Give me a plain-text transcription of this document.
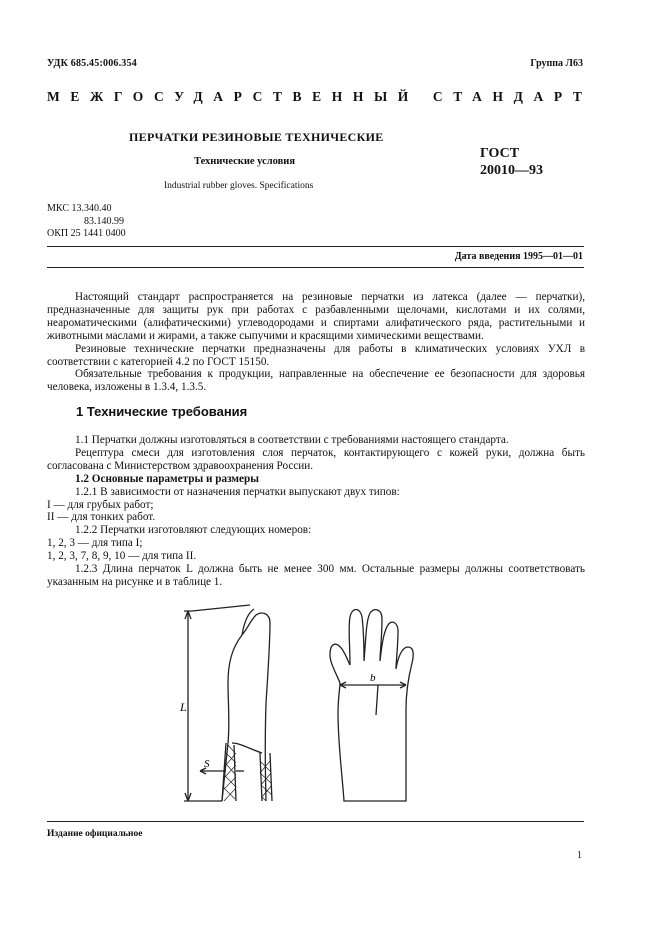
УДК 685.45:006.354	Группа Л63
МЕЖГОСУДАРСТВЕННЫЙ СТАНДАРТ
ПЕРЧАТКИ РЕЗИНОВЫЕ ТЕХНИЧЕСКИЕ
Технические условия
Industrial rubber gloves. Specifications
ГОСТ
20010—93
МКС 13.340.40
83.140.99
ОКП 25 1441 0400
Дата введения 1995—01—01

Настоящий стандарт распространяется на резиновые перчатки из латекса (далее — перчатки), предназначенные для защиты рук при работах с разбавленными щелочами, кислотами и их солями, неароматическими (алифатическими) углеводородами и спиртами алифатического ряда, растительными и животными маслами и жирами, а также сыпучими и красящими химическими веществами.

Резиновые технические перчатки предназначены для работы в климатических условиях УХЛ в соответствии с категорией 4.2 по ГОСТ 15150.

Обязательные требования к продукции, направленные на обеспечение ее безопасности для здоровья человека, изложены в 1.3.4, 1.3.5.

1 Технические требования

1.1 Перчатки должны изготовляться в соответствии с требованиями настоящего стандарта.

Рецептура смеси для изготовления слоя перчаток, контактирующего с кожей руки, должна быть согласована с Министерством здравоохранения России.

1.2 Основные параметры и размеры

1.2.1 В зависимости от назначения перчатки выпускают двух типов:

I — для грубых работ;

II — для тонких работ.

1.2.2 Перчатки изготовляют следующих номеров:

1, 2, 3 — для типа I;

1, 2, 3, 7, 8, 9, 10 — для типа II.

1.2.3 Длина перчаток L должна быть не менее 300 мм. Остальные размеры должны соответствовать указанным на рисунке и в таблице 1.

L
S
b
Издание официальное
1
